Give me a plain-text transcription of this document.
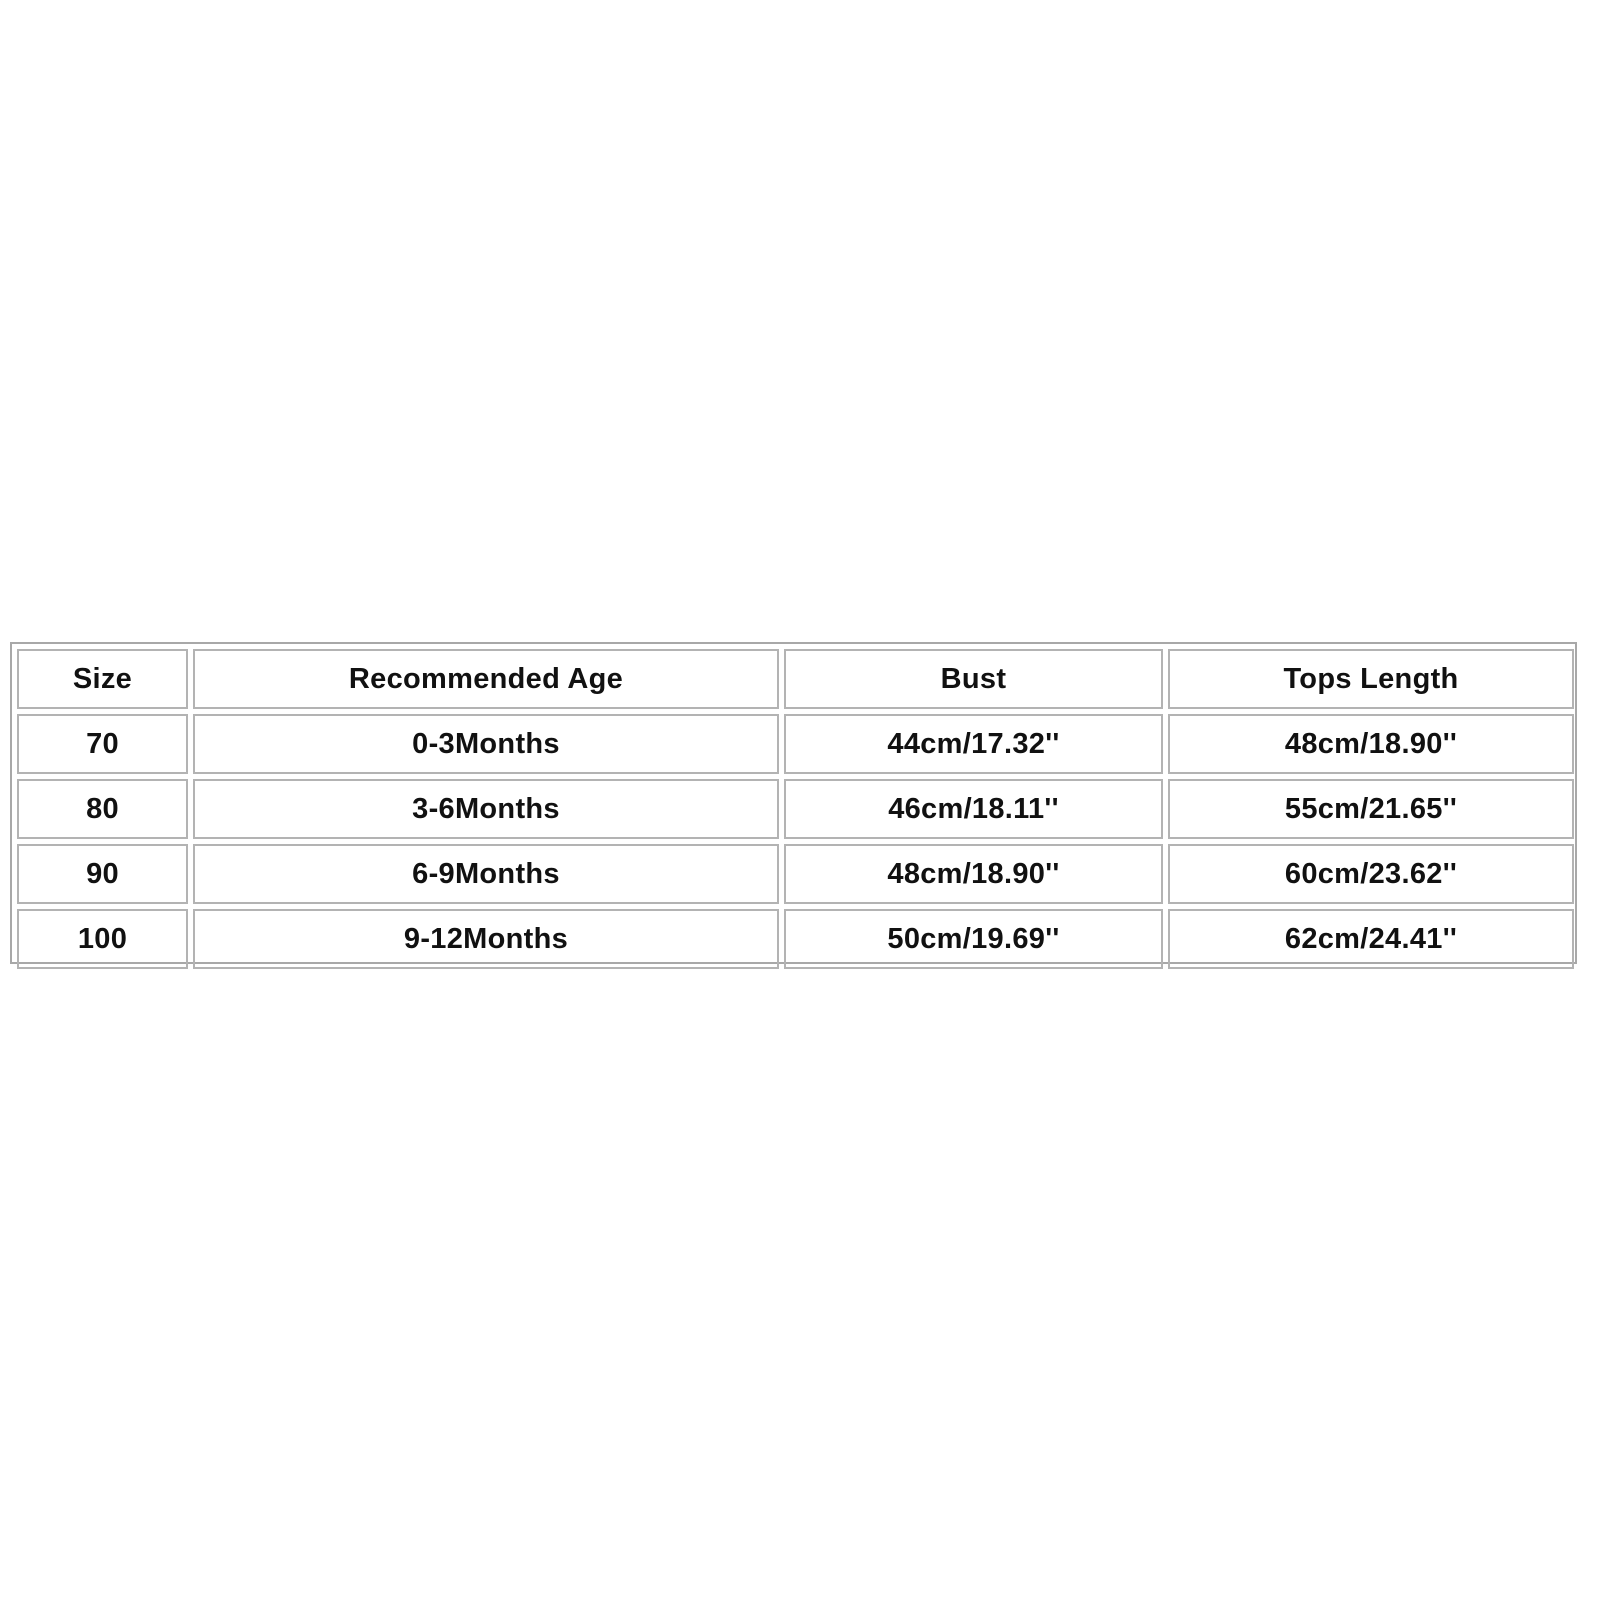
Size	Recommended Age	Bust	Tops Length
70	0-3Months	44cm/17.32''	48cm/18.90''
80	3-6Months	46cm/18.11''	55cm/21.65''
90	6-9Months	48cm/18.90''	60cm/23.62''
100	9-12Months	50cm/19.69''	62cm/24.41''
